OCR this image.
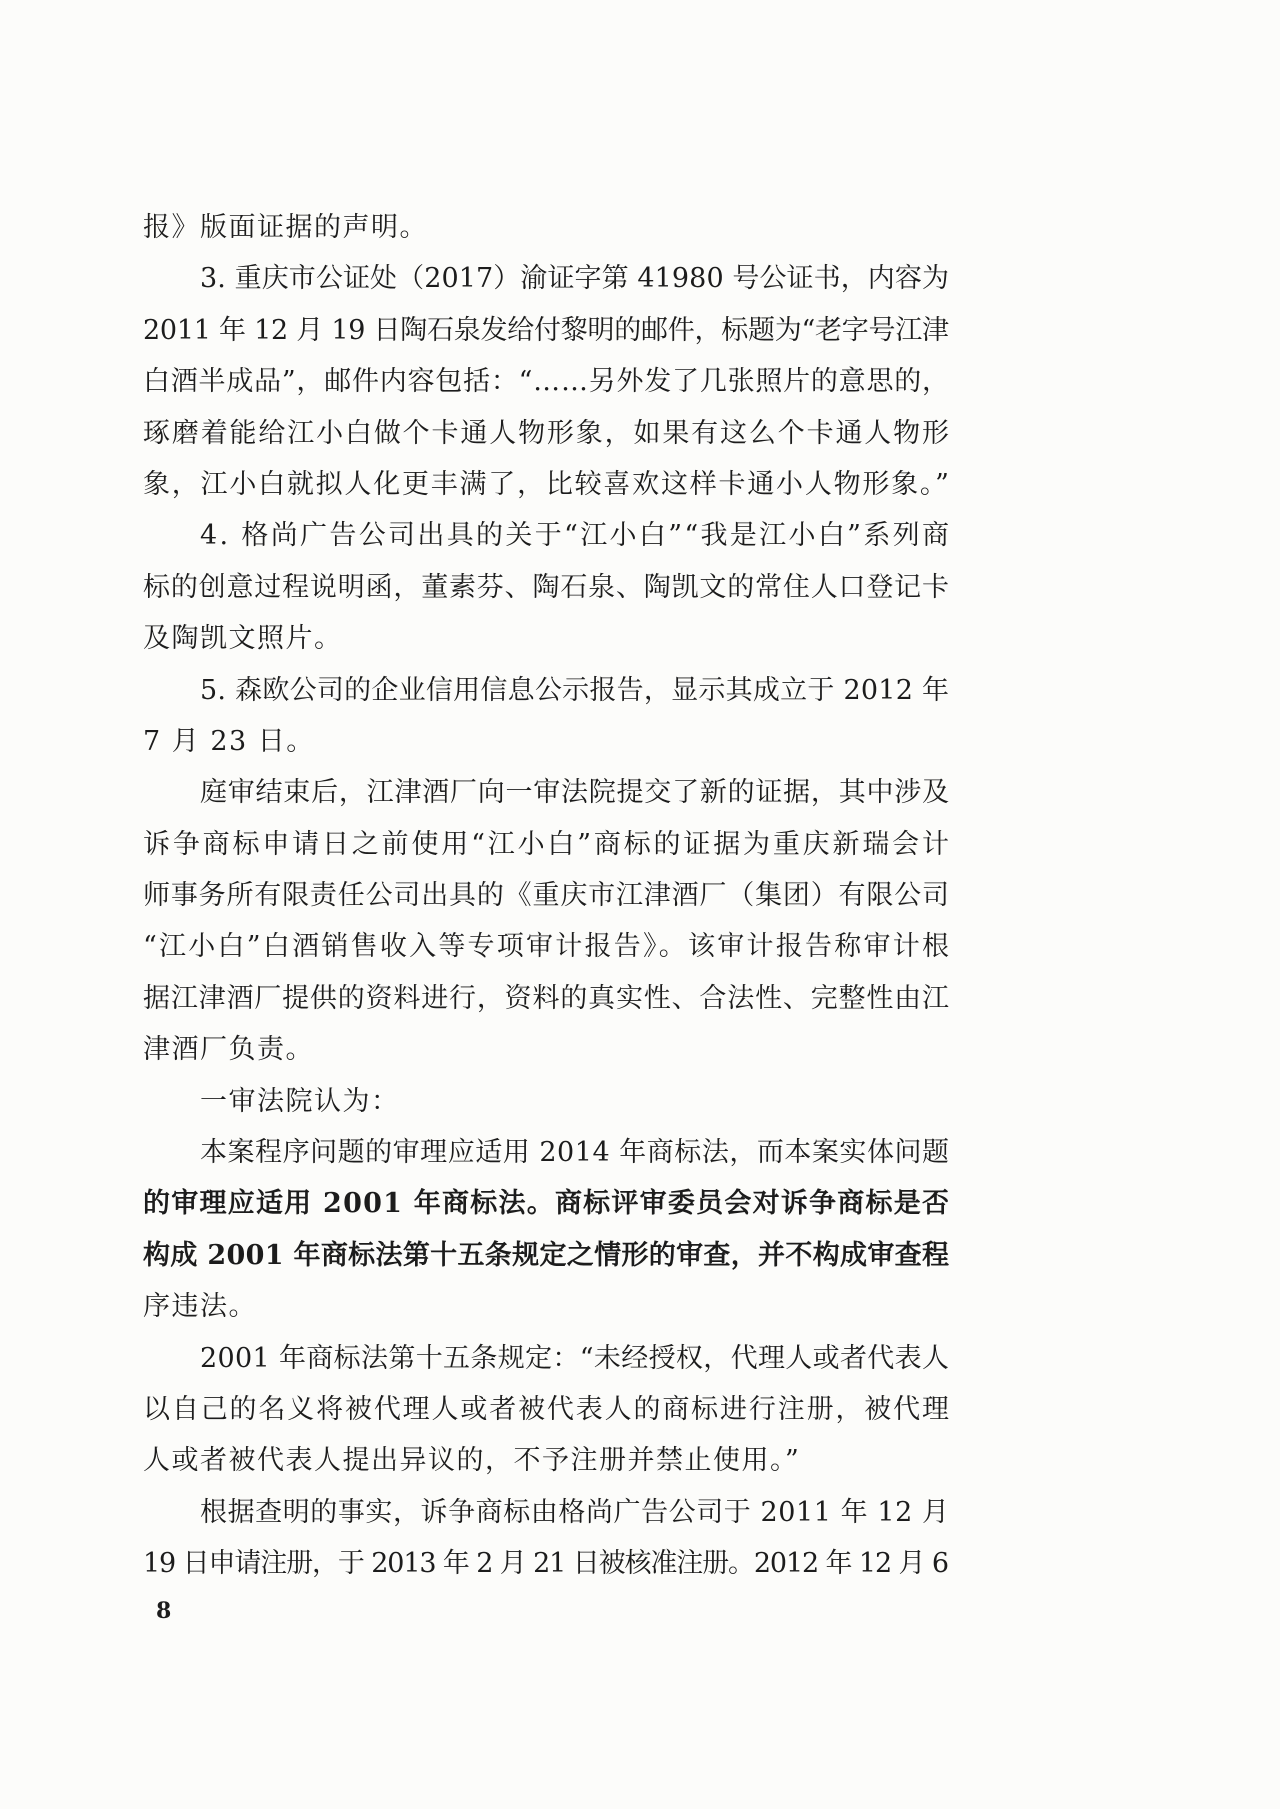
报》版面证据的声明。
3. 重庆市公证处（2017）渝证字第 41980 号公证书，内容为
2011 年 12 月 19 日陶石泉发给付黎明的邮件，标题为“老字号江津
白酒半成品”，邮件内容包括：“……另外发了几张照片的意思的，
琢磨着能给江小白做个卡通人物形象，如果有这么个卡通人物形
象，江小白就拟人化更丰满了，比较喜欢这样卡通小人物形象。”
4. 格尚广告公司出具的关于“江小白”“我是江小白”系列商
标的创意过程说明函，董素芬、陶石泉、陶凯文的常住人口登记卡
及陶凯文照片。
5. 森欧公司的企业信用信息公示报告，显示其成立于 2012 年
7 月 23 日。
庭审结束后，江津酒厂向一审法院提交了新的证据，其中涉及
诉争商标申请日之前使用“江小白”商标的证据为重庆新瑞会计
师事务所有限责任公司出具的《重庆市江津酒厂（集团）有限公司
“江小白”白酒销售收入等专项审计报告》。该审计报告称审计根
据江津酒厂提供的资料进行，资料的真实性、合法性、完整性由江
津酒厂负责。
一审法院认为：
本案程序问题的审理应适用 2014 年商标法，而本案实体问题
的审理应适用 2001 年商标法。商标评审委员会对诉争商标是否
构成 2001 年商标法第十五条规定之情形的审查，并不构成审查程
序违法。
2001 年商标法第十五条规定：“未经授权，代理人或者代表人
以自己的名义将被代理人或者被代表人的商标进行注册，被代理
人或者被代表人提出异议的，不予注册并禁止使用。”
根据查明的事实，诉争商标由格尚广告公司于 2011 年 12 月
19 日申请注册，于 2013 年 2 月 21 日被核准注册。2012 年 12 月 6
8
